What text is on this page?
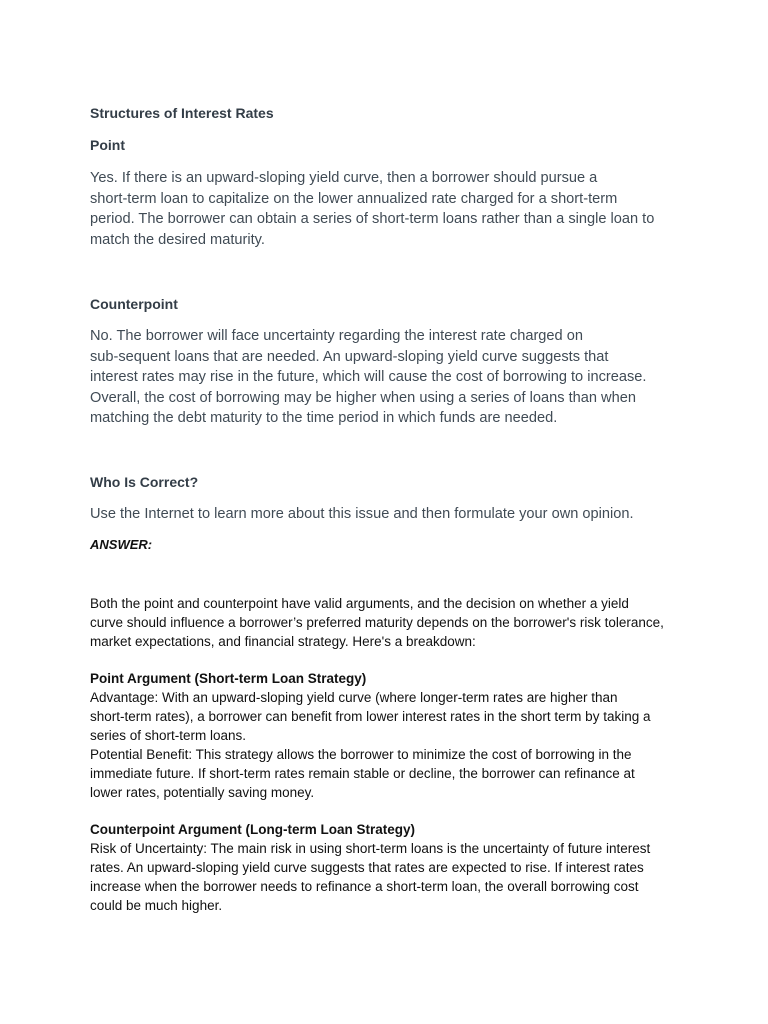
Structures of Interest Rates
Point
Yes. If there is an upward-sloping yield curve, then a borrower should pursue a
short-term loan to capitalize on the lower annualized rate charged for a short-term
period. The borrower can obtain a series of short-term loans rather than a single loan to
match the desired maturity.
Counterpoint
No. The borrower will face uncertainty regarding the interest rate charged on
sub-sequent loans that are needed. An upward-sloping yield curve suggests that
interest rates may rise in the future, which will cause the cost of borrowing to increase.
Overall, the cost of borrowing may be higher when using a series of loans than when
matching the debt maturity to the time period in which funds are needed.
Who Is Correct?
Use the Internet to learn more about this issue and then formulate your own opinion.

ANSWER:

Both the point and counterpoint have valid arguments, and the decision on whether a yield
curve should influence a borrower’s preferred maturity depends on the borrower's risk tolerance,
market expectations, and financial strategy. Here's a breakdown:
Point Argument (Short-term Loan Strategy)
Advantage: With an upward-sloping yield curve (where longer-term rates are higher than
short-term rates), a borrower can benefit from lower interest rates in the short term by taking a
series of short-term loans.
Potential Benefit: This strategy allows the borrower to minimize the cost of borrowing in the
immediate future. If short-term rates remain stable or decline, the borrower can refinance at
lower rates, potentially saving money.
Counterpoint Argument (Long-term Loan Strategy)
Risk of Uncertainty: The main risk in using short-term loans is the uncertainty of future interest
rates. An upward-sloping yield curve suggests that rates are expected to rise. If interest rates
increase when the borrower needs to refinance a short-term loan, the overall borrowing cost
could be much higher.
